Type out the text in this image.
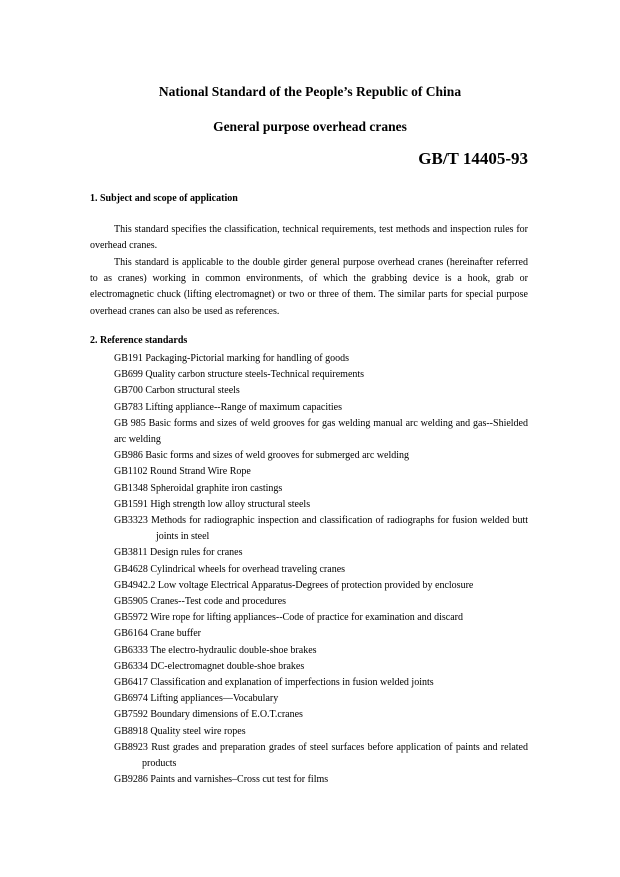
National Standard of the People’s Republic of China
General purpose overhead cranes
GB/T 14405-93
1. Subject and scope of application

This standard specifies the classification, technical requirements, test methods and inspection rules for overhead cranes.

This standard is applicable to the double girder general purpose overhead cranes (hereinafter referred to as cranes) working in common environments, of which the grabbing device is a hook, grab or electromagnetic chuck (lifting electromagnet) or two or three of them. The similar parts for special purpose overhead cranes can also be used as references.

2. Reference standards
GB191 Packaging-Pictorial marking for handling of goods
GB699 Quality carbon structure steels-Technical requirements
GB700 Carbon structural steels
GB783 Lifting appliance--Range of maximum capacities
GB 985 Basic forms and sizes of weld grooves for gas welding manual arc welding and gas--Shielded arc welding
GB986 Basic forms and sizes of weld grooves for submerged arc welding
GB1102 Round Strand Wire Rope
GB1348 Spheroidal graphite iron castings
GB1591 High strength low alloy structural steels
GB3323 Methods for radiographic inspection and classification of radiographs for fusion welded butt joints in steel
GB3811 Design rules for cranes
GB4628 Cylindrical wheels for overhead traveling cranes
GB4942.2 Low voltage Electrical Apparatus-Degrees of protection provided by enclosure
GB5905 Cranes--Test code and procedures
GB5972 Wire rope for lifting appliances--Code of practice for examination and discard
GB6164 Crane buffer
GB6333 The electro-hydraulic double-shoe brakes
GB6334 DC-electromagnet double-shoe brakes
GB6417 Classification and explanation of imperfections in fusion welded joints
GB6974 Lifting appliances—Vocabulary
GB7592 Boundary dimensions of E.O.T.cranes
GB8918 Quality steel wire ropes
GB8923 Rust grades and preparation grades of steel surfaces before application of paints and related products
GB9286 Paints and varnishes–Cross cut test for films
